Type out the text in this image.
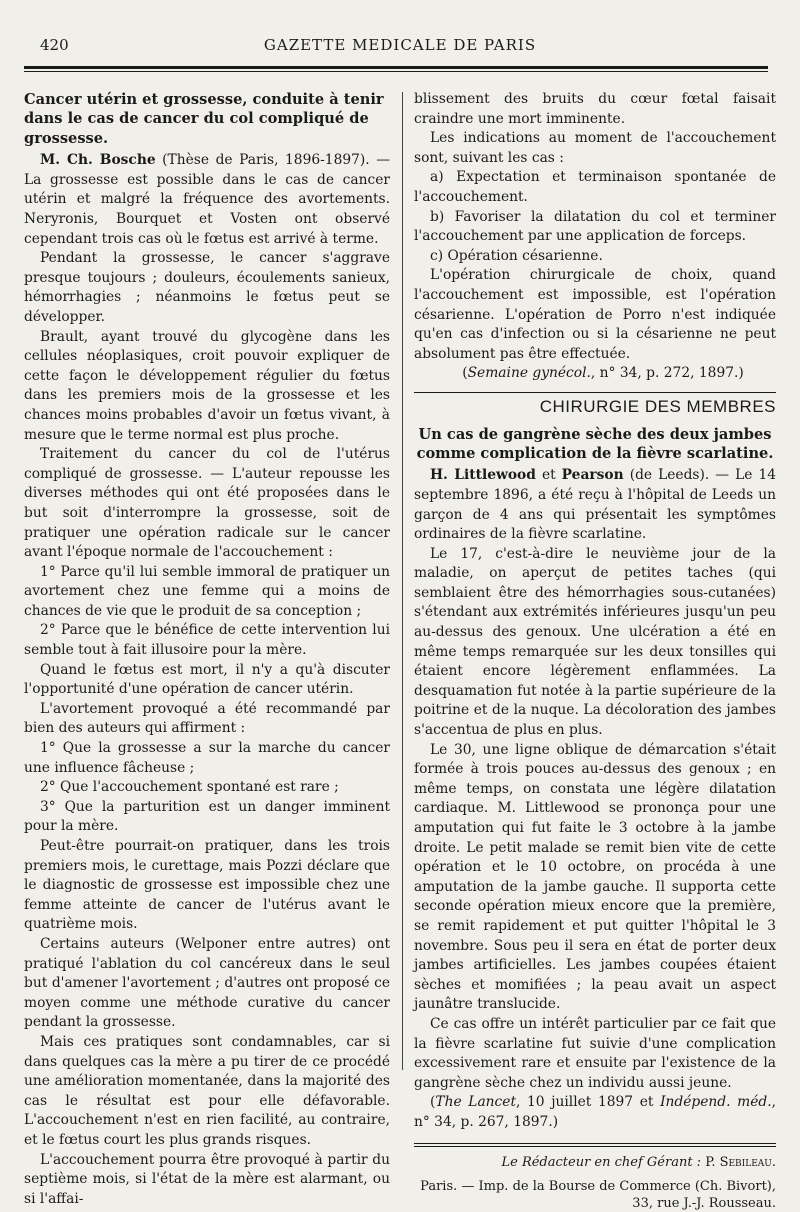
420	GAZETTE MEDICALE DE PARIS
Cancer utérin et grossesse, conduite à tenir dans le cas de cancer du col compliqué de grossesse.

M. Ch. Bosche (Thèse de Paris, 1896-1897). — La grossesse est possible dans le cas de cancer utérin et malgré la fréquence des avortements. Neryronis, Bourquet et Vosten ont observé cependant trois cas où le fœtus est arrivé à terme.

Pendant la grossesse, le cancer s'aggrave presque toujours ; douleurs, écoulements sanieux, hémorrhagies ; néanmoins le fœtus peut se développer.

Brault, ayant trouvé du glycogène dans les cellules néoplasiques, croit pouvoir expliquer de cette façon le développement régulier du fœtus dans les premiers mois de la grossesse et les chances moins probables d'avoir un fœtus vivant, à mesure que le terme normal est plus proche.

Traitement du cancer du col de l'utérus compliqué de grossesse. — L'auteur repousse les diverses méthodes qui ont été proposées dans le but soit d'interrompre la grossesse, soit de pratiquer une opération radicale sur le cancer avant l'époque normale de l'accouchement :

1° Parce qu'il lui semble immoral de pratiquer un avortement chez une femme qui a moins de chances de vie que le produit de sa conception ;

2° Parce que le bénéfice de cette intervention lui semble tout à fait illusoire pour la mère.

Quand le fœtus est mort, il n'y a qu'à discuter l'opportunité d'une opération de cancer utérin.

L'avortement provoqué a été recommandé par bien des auteurs qui affirment :

1° Que la grossesse a sur la marche du cancer une influence fâcheuse ;

2° Que l'accouchement spontané est rare ;

3° Que la parturition est un danger imminent pour la mère.

Peut-être pourrait-on pratiquer, dans les trois premiers mois, le curettage, mais Pozzi déclare que le diagnostic de grossesse est impossible chez une femme atteinte de cancer de l'utérus avant le quatrième mois.

Certains auteurs (Welponer entre autres) ont pratiqué l'ablation du col cancéreux dans le seul but d'amener l'avortement ; d'autres ont proposé ce moyen comme une méthode curative du cancer pendant la grossesse.

Mais ces pratiques sont condamnables, car si dans quelques cas la mère a pu tirer de ce procédé une amélioration momentanée, dans la majorité des cas le résultat est pour elle défavorable. L'accouchement n'est en rien facilité, au contraire, et le fœtus court les plus grands risques.

L'accouchement pourra être provoqué à partir du septième mois, si l'état de la mère est alarmant, ou si l'affai-

blissement des bruits du cœur fœtal faisait craindre une mort imminente.

Les indications au moment de l'accouchement sont, suivant les cas :

a) Expectation et terminaison spontanée de l'accouchement.

b) Favoriser la dilatation du col et terminer l'accouchement par une application de forceps.

c) Opération césarienne.

L'opération chirurgicale de choix, quand l'accouchement est impossible, est l'opération césarienne. L'opération de Porro n'est indiquée qu'en cas d'infection ou si la césarienne ne peut absolument pas être effectuée.

(Semaine gynécol., n° 34, p. 272, 1897.)

CHIRURGIE DES MEMBRES
Un cas de gangrène sèche des deux jambes comme complication de la fièvre scarlatine.

H. Littlewood et Pearson (de Leeds). — Le 14 septembre 1896, a été reçu à l'hôpital de Leeds un garçon de 4 ans qui présentait les symptômes ordinaires de la fièvre scarlatine.

Le 17, c'est-à-dire le neuvième jour de la maladie, on aperçut de petites taches (qui semblaient être des hémorrhagies sous-cutanées) s'étendant aux extrémités inférieures jusqu'un peu au-dessus des genoux. Une ulcération a été en même temps remarquée sur les deux tonsilles qui étaient encore légèrement enflammées. La desquamation fut notée à la partie supérieure de la poitrine et de la nuque. La décoloration des jambes s'accentua de plus en plus.

Le 30, une ligne oblique de démarcation s'était formée à trois pouces au-dessus des genoux ; en même temps, on constata une légère dilatation cardiaque. M. Littlewood se prononça pour une amputation qui fut faite le 3 octobre à la jambe droite. Le petit malade se remit bien vite de cette opération et le 10 octobre, on procéda à une amputation de la jambe gauche. Il supporta cette seconde opération mieux encore que la première, se remit rapidement et put quitter l'hôpital le 3 novembre. Sous peu il sera en état de porter deux jambes artificielles. Les jambes coupées étaient sèches et momifiées ; la peau avait un aspect jaunâtre translucide.

Ce cas offre un intérêt particulier par ce fait que la fièvre scarlatine fut suivie d'une complication excessivement rare et ensuite par l'existence de la gangrène sèche chez un individu aussi jeune.

(The Lancet, 10 juillet 1897 et Indépend. méd., n° 34, p. 267, 1897.)

Le Rédacteur en chef Gérant : P. Sebileau.
Paris. — Imp. de la Bourse de Commerce (Ch. Bivort),
33, rue J.-J. Rousseau.
